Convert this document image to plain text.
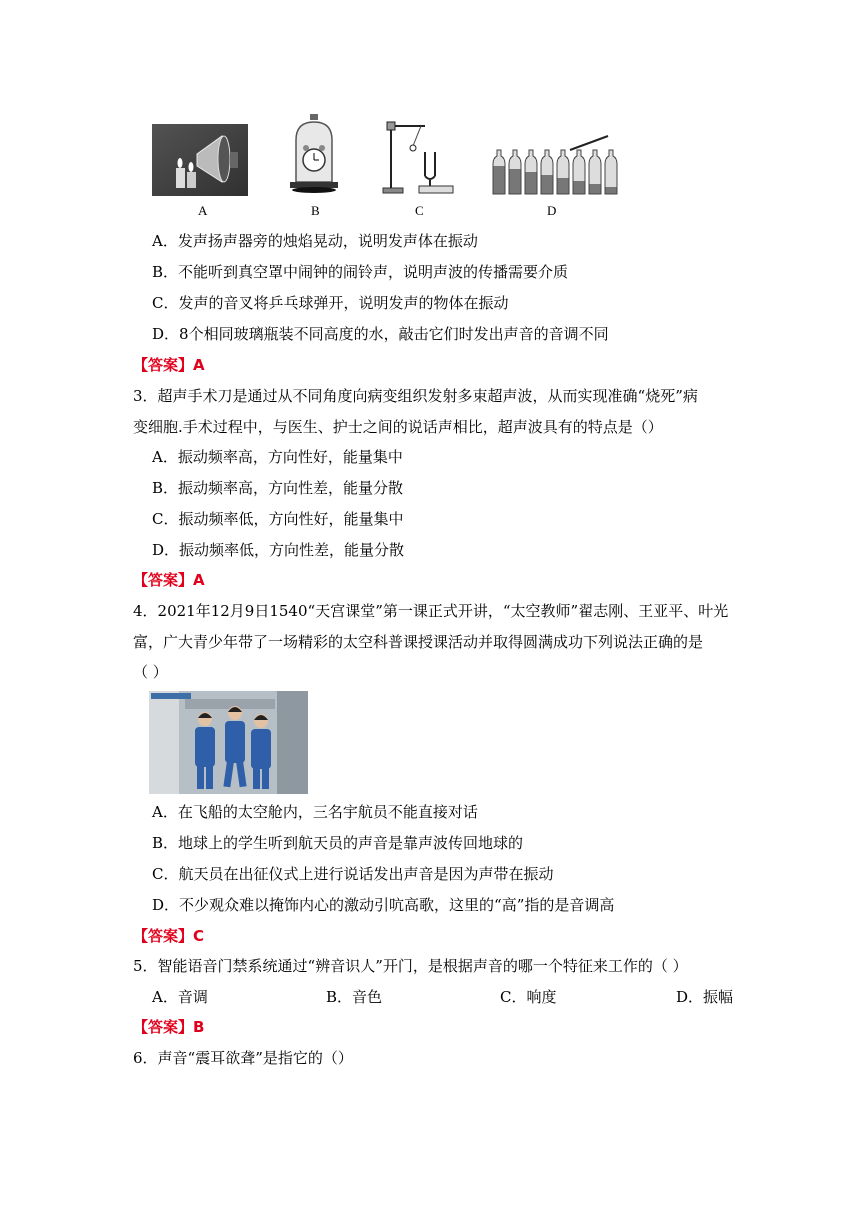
A	B	C	D
A．发声扬声器旁的烛焰晃动，说明发声体在振动
B．不能听到真空罩中闹钟的闹铃声，说明声波的传播需要介质
C．发声的音叉将乒乓球弹开，说明发声的物体在振动
D．8个相同玻璃瓶装不同高度的水，敲击它们时发出声音的音调不同
【答案】A
3．超声手术刀是通过从不同角度向病变组织发射多束超声波，从而实现准确“烧死”病
变细胞.手术过程中，与医生、护士之间的说话声相比，超声波具有的特点是（）
A．振动频率高，方向性好，能量集中
B．振动频率高，方向性差，能量分散
C．振动频率低，方向性好，能量集中
D．振动频率低，方向性差，能量分散
【答案】A
4．2021年12月9日1540“天宫课堂”第一课正式开讲，“太空教师”翟志刚、王亚平、叶光
富，广大青少年带了一场精彩的太空科普课授课活动并取得圆满成功下列说法正确的是
（ ）
A．在飞船的太空舱内，三名宇航员不能直接对话
B．地球上的学生听到航天员的声音是靠声波传回地球的
C．航天员在出征仪式上进行说话发出声音是因为声带在振动
D．不少观众难以掩饰内心的激动引吭高歌，这里的“高”指的是音调高
【答案】C
5．智能语音门禁系统通过“辨音识人”开门，是根据声音的哪一个特征来工作的（ ）
A．音调	B．音色	C．响度	D．振幅
【答案】B
6．声音“震耳欲聋”是指它的（）
